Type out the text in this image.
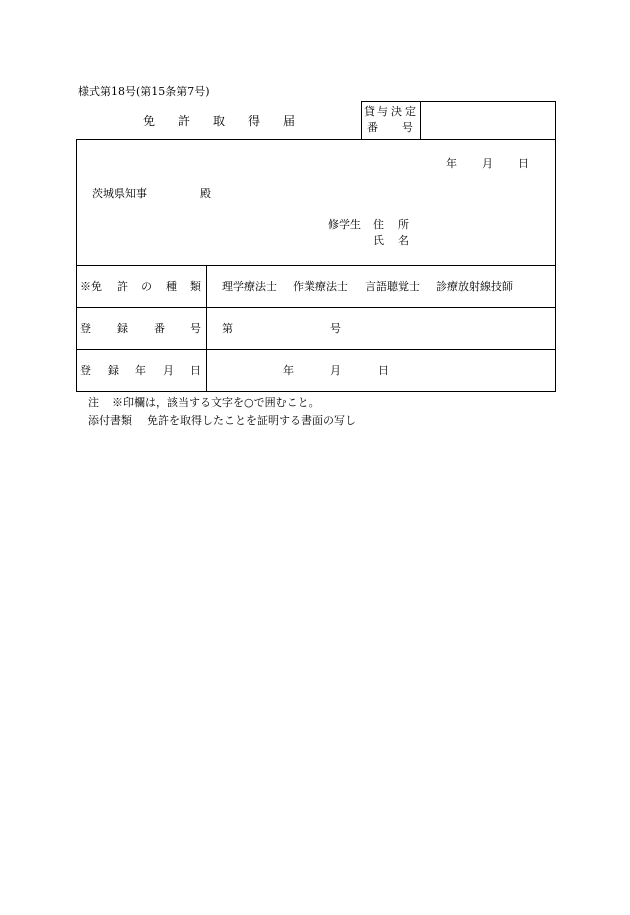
様式第18号(第15条第7号)
免 許 取 得 届
貸 与 決 定
番 号
年 月 日
茨城県知事	殿
修学生 住 所
氏 名
※免 許 の 種 類 理学療法士 作業療法士 言語聴覚士 診療放射線技師
登 録 番 号 第	号
登 録 年 月 日	年	月	日
注 ※印欄は，該当する文字を○で囲むこと。
添付書類 免許を取得したことを証明する書面の写し
